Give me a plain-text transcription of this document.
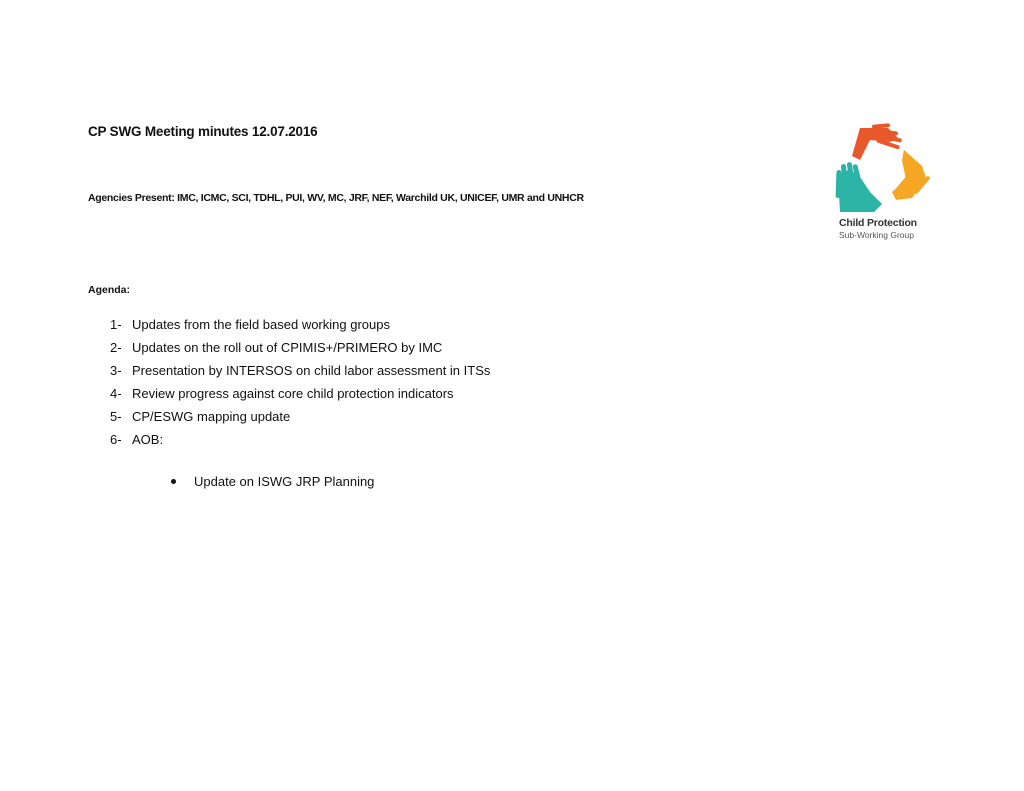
CP SWG Meeting minutes 12.07.2016
Agencies Present: IMC, ICMC, SCI, TDHL, PUI, WV, MC, JRF, NEF, Warchild UK, UNICEF, UMR and UNHCR
Agenda:
1- Updates from the field based working groups
2- Updates on the roll out of CPIMIS+/PRIMERO by IMC
3- Presentation by INTERSOS on child labor assessment in ITSs
4- Review progress against core child protection indicators
5- CP/ESWG mapping update
6- AOB:
Update on ISWG JRP Planning
Child Protection
Sub-Working Group
